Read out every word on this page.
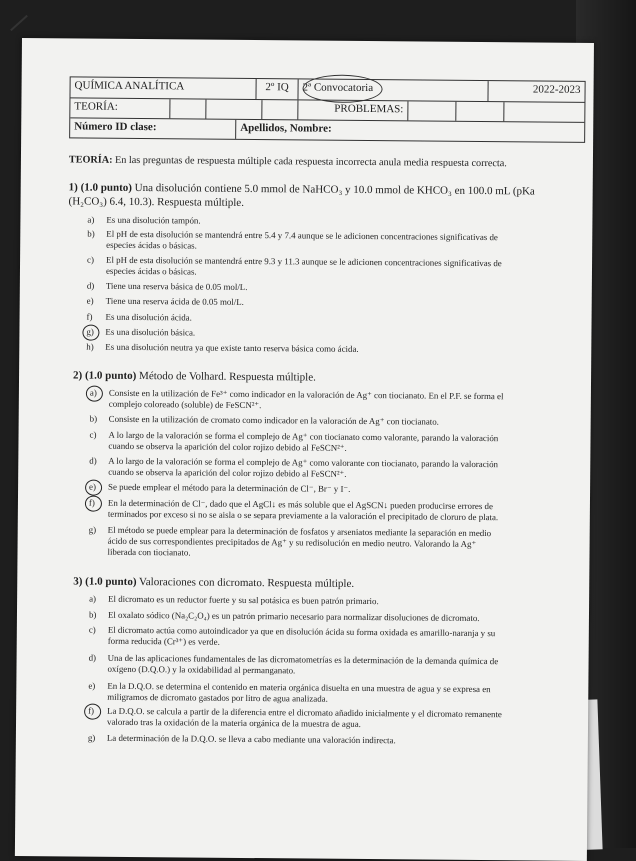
QUÍMICA ANALÍTICA	2º IQ	2ª Convocatoria	2022-2023
TEORÍA:	PROBLEMAS:
Número ID clase:	Apellidos, Nombre:
TEORÍA: En las preguntas de respuesta múltiple cada respuesta incorrecta anula media respuesta correcta.
1) (1.0 punto) Una disolución contiene 5.0 mmol de NaHCO₃ y 10.0 mmol de KHCO₃ en 100.0 mL (pKa
(H₂CO₃) 6.4, 10.3). Respuesta múltiple.
a) Es una disolución tampón.
b) El pH de esta disolución se mantendrá entre 5.4 y 7.4 aunque se le adicionen concentraciones significativas de
especies ácidas o básicas.
c) El pH de esta disolución se mantendrá entre 9.3 y 11.3 aunque se le adicionen concentraciones significativas de
especies ácidas o básicas.
d) Tiene una reserva básica de 0.05 mol/L.
e) Tiene una reserva ácida de 0.05 mol/L.
f) Es una disolución ácida.
g) Es una disolución básica.
h) Es una disolución neutra ya que existe tanto reserva básica como ácida.
2) (1.0 punto) Método de Volhard. Respuesta múltiple.
a) Consiste en la utilización de Fe³⁺ como indicador en la valoración de Ag⁺ con tiocianato. En el P.F. se forma el
complejo coloreado (soluble) de FeSCN²⁺.
b) Consiste en la utilización de cromato como indicador en la valoración de Ag⁺ con tiocianato.
c) A lo largo de la valoración se forma el complejo de Ag⁺ con tiocianato como valorante, parando la valoración
cuando se observa la aparición del color rojizo debido al FeSCN²⁺.
d) A lo largo de la valoración se forma el complejo de Ag⁺ como valorante con tiocianato, parando la valoración
cuando se observa la aparición del color rojizo debido al FeSCN²⁺.
e) Se puede emplear el método para la determinación de Cl⁻, Br⁻ y I⁻.
f) En la determinación de Cl⁻, dado que el AgCl↓ es más soluble que el AgSCN↓ pueden producirse errores de
terminados por exceso si no se aisla o se separa previamente a la valoración el precipitado de cloruro de plata.
g) El método se puede emplear para la determinación de fosfatos y arseniatos mediante la separación en medio
ácido de sus correspondientes precipitados de Ag⁺ y su redisolución en medio neutro. Valorando la Ag⁺
liberada con tiocianato.
3) (1.0 punto) Valoraciones con dicromato. Respuesta múltiple.
a) El dicromato es un reductor fuerte y su sal potásica es buen patrón primario.
b) El oxalato sódico (Na₂C₂O₄) es un patrón primario necesario para normalizar disoluciones de dicromato.
c) El dicromato actúa como autoindicador ya que en disolución ácida su forma oxidada es amarillo-naranja y su
forma reducida (Cr³⁺) es verde.
d) Una de las aplicaciones fundamentales de las dicromatometrías es la determinación de la demanda química de
oxígeno (D.Q.O.) y la oxidabilidad al permanganato.
e) En la D.Q.O. se determina el contenido en materia orgánica disuelta en una muestra de agua y se expresa en
miligramos de dicromato gastados por litro de agua analizada.
f) La D.Q.O. se calcula a partir de la diferencia entre el dicromato añadido inicialmente y el dicromato remanente
valorado tras la oxidación de la materia orgánica de la muestra de agua.
g) La determinación de la D.Q.O. se lleva a cabo mediante una valoración indirecta.
